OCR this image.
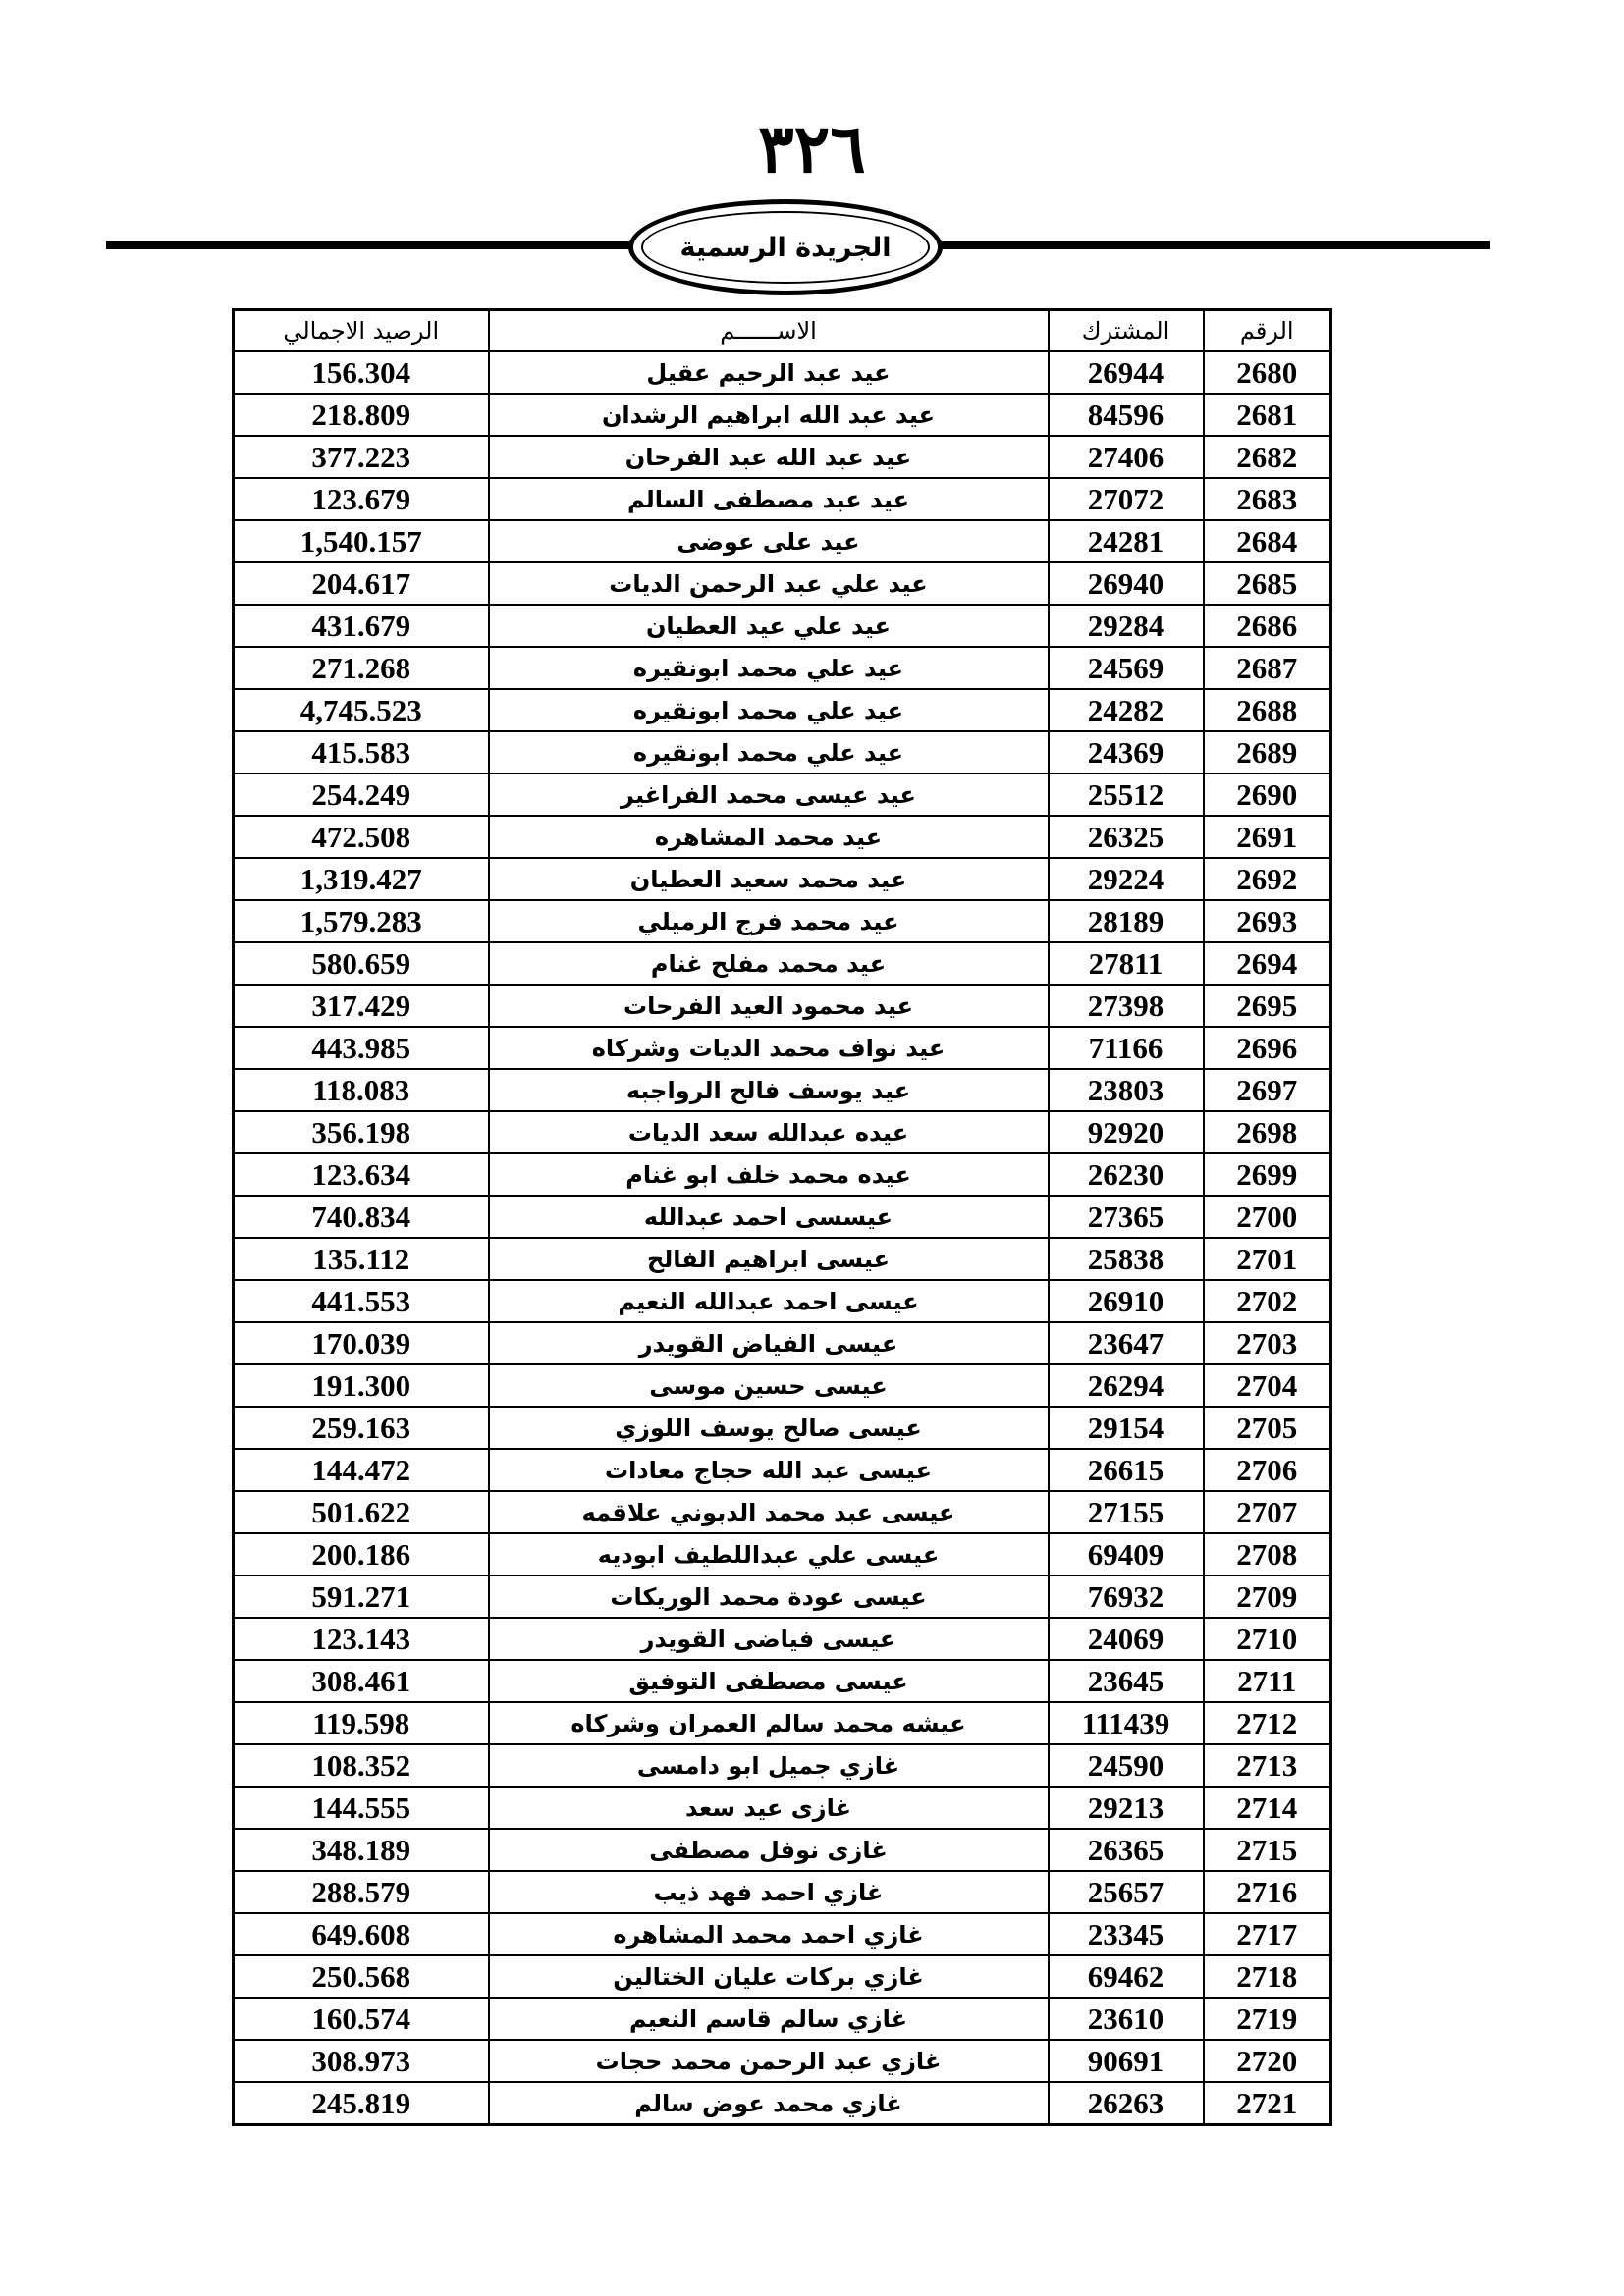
٣٢٦
الجريدة الرسمية
الرقم	المشترك	الاســــــم	الرصيد الاجمالي
2680	26944	عيد عبد الرحيم عقيل	156.304
2681	84596	عيد عبد الله ابراهيم الرشدان	218.809
2682	27406	عيد عبد الله عبد الفرحان	377.223
2683	27072	عيد عبد مصطفى السالم	123.679
2684	24281	عيد على عوضى	1,540.157
2685	26940	عيد علي عبد الرحمن الديات	204.617
2686	29284	عيد علي عيد العطيان	431.679
2687	24569	عيد علي محمد ابونقيره	271.268
2688	24282	عيد علي محمد ابونقيره	4,745.523
2689	24369	عيد علي محمد ابونقيره	415.583
2690	25512	عيد عيسى محمد الفراغير	254.249
2691	26325	عيد محمد المشاهره	472.508
2692	29224	عيد محمد سعيد العطيان	1,319.427
2693	28189	عيد محمد فرج الرميلي	1,579.283
2694	27811	عيد محمد مفلح غنام	580.659
2695	27398	عيد محمود العيد الفرحات	317.429
2696	71166	عيد نواف محمد الديات وشركاه	443.985
2697	23803	عيد يوسف فالح الرواجبه	118.083
2698	92920	عيده عبدالله سعد الديات	356.198
2699	26230	عيده محمد خلف ابو غنام	123.634
2700	27365	عيسسى احمد عبدالله	740.834
2701	25838	عيسى ابراهيم الفالح	135.112
2702	26910	عيسى احمد عبدالله النعيم	441.553
2703	23647	عيسى الفياض القويدر	170.039
2704	26294	عيسى حسين موسى	191.300
2705	29154	عيسى صالح يوسف اللوزي	259.163
2706	26615	عيسى عبد الله حجاج معادات	144.472
2707	27155	عيسى عبد محمد الدبوني علاقمه	501.622
2708	69409	عيسى علي عبداللطيف ابوديه	200.186
2709	76932	عيسى عودة محمد الوريكات	591.271
2710	24069	عيسى فياضى القويدر	123.143
2711	23645	عيسى مصطفى التوفيق	308.461
2712	111439	عيشه محمد سالم العمران وشركاه	119.598
2713	24590	غازي جميل ابو دامسى	108.352
2714	29213	غازى عيد سعد	144.555
2715	26365	غازى نوفل مصطفى	348.189
2716	25657	غازي احمد فهد ذيب	288.579
2717	23345	غازي احمد محمد المشاهره	649.608
2718	69462	غازي بركات عليان الختالين	250.568
2719	23610	غازي سالم قاسم النعيم	160.574
2720	90691	غازي عبد الرحمن محمد حجات	308.973
2721	26263	غازي محمد عوض سالم	245.819
